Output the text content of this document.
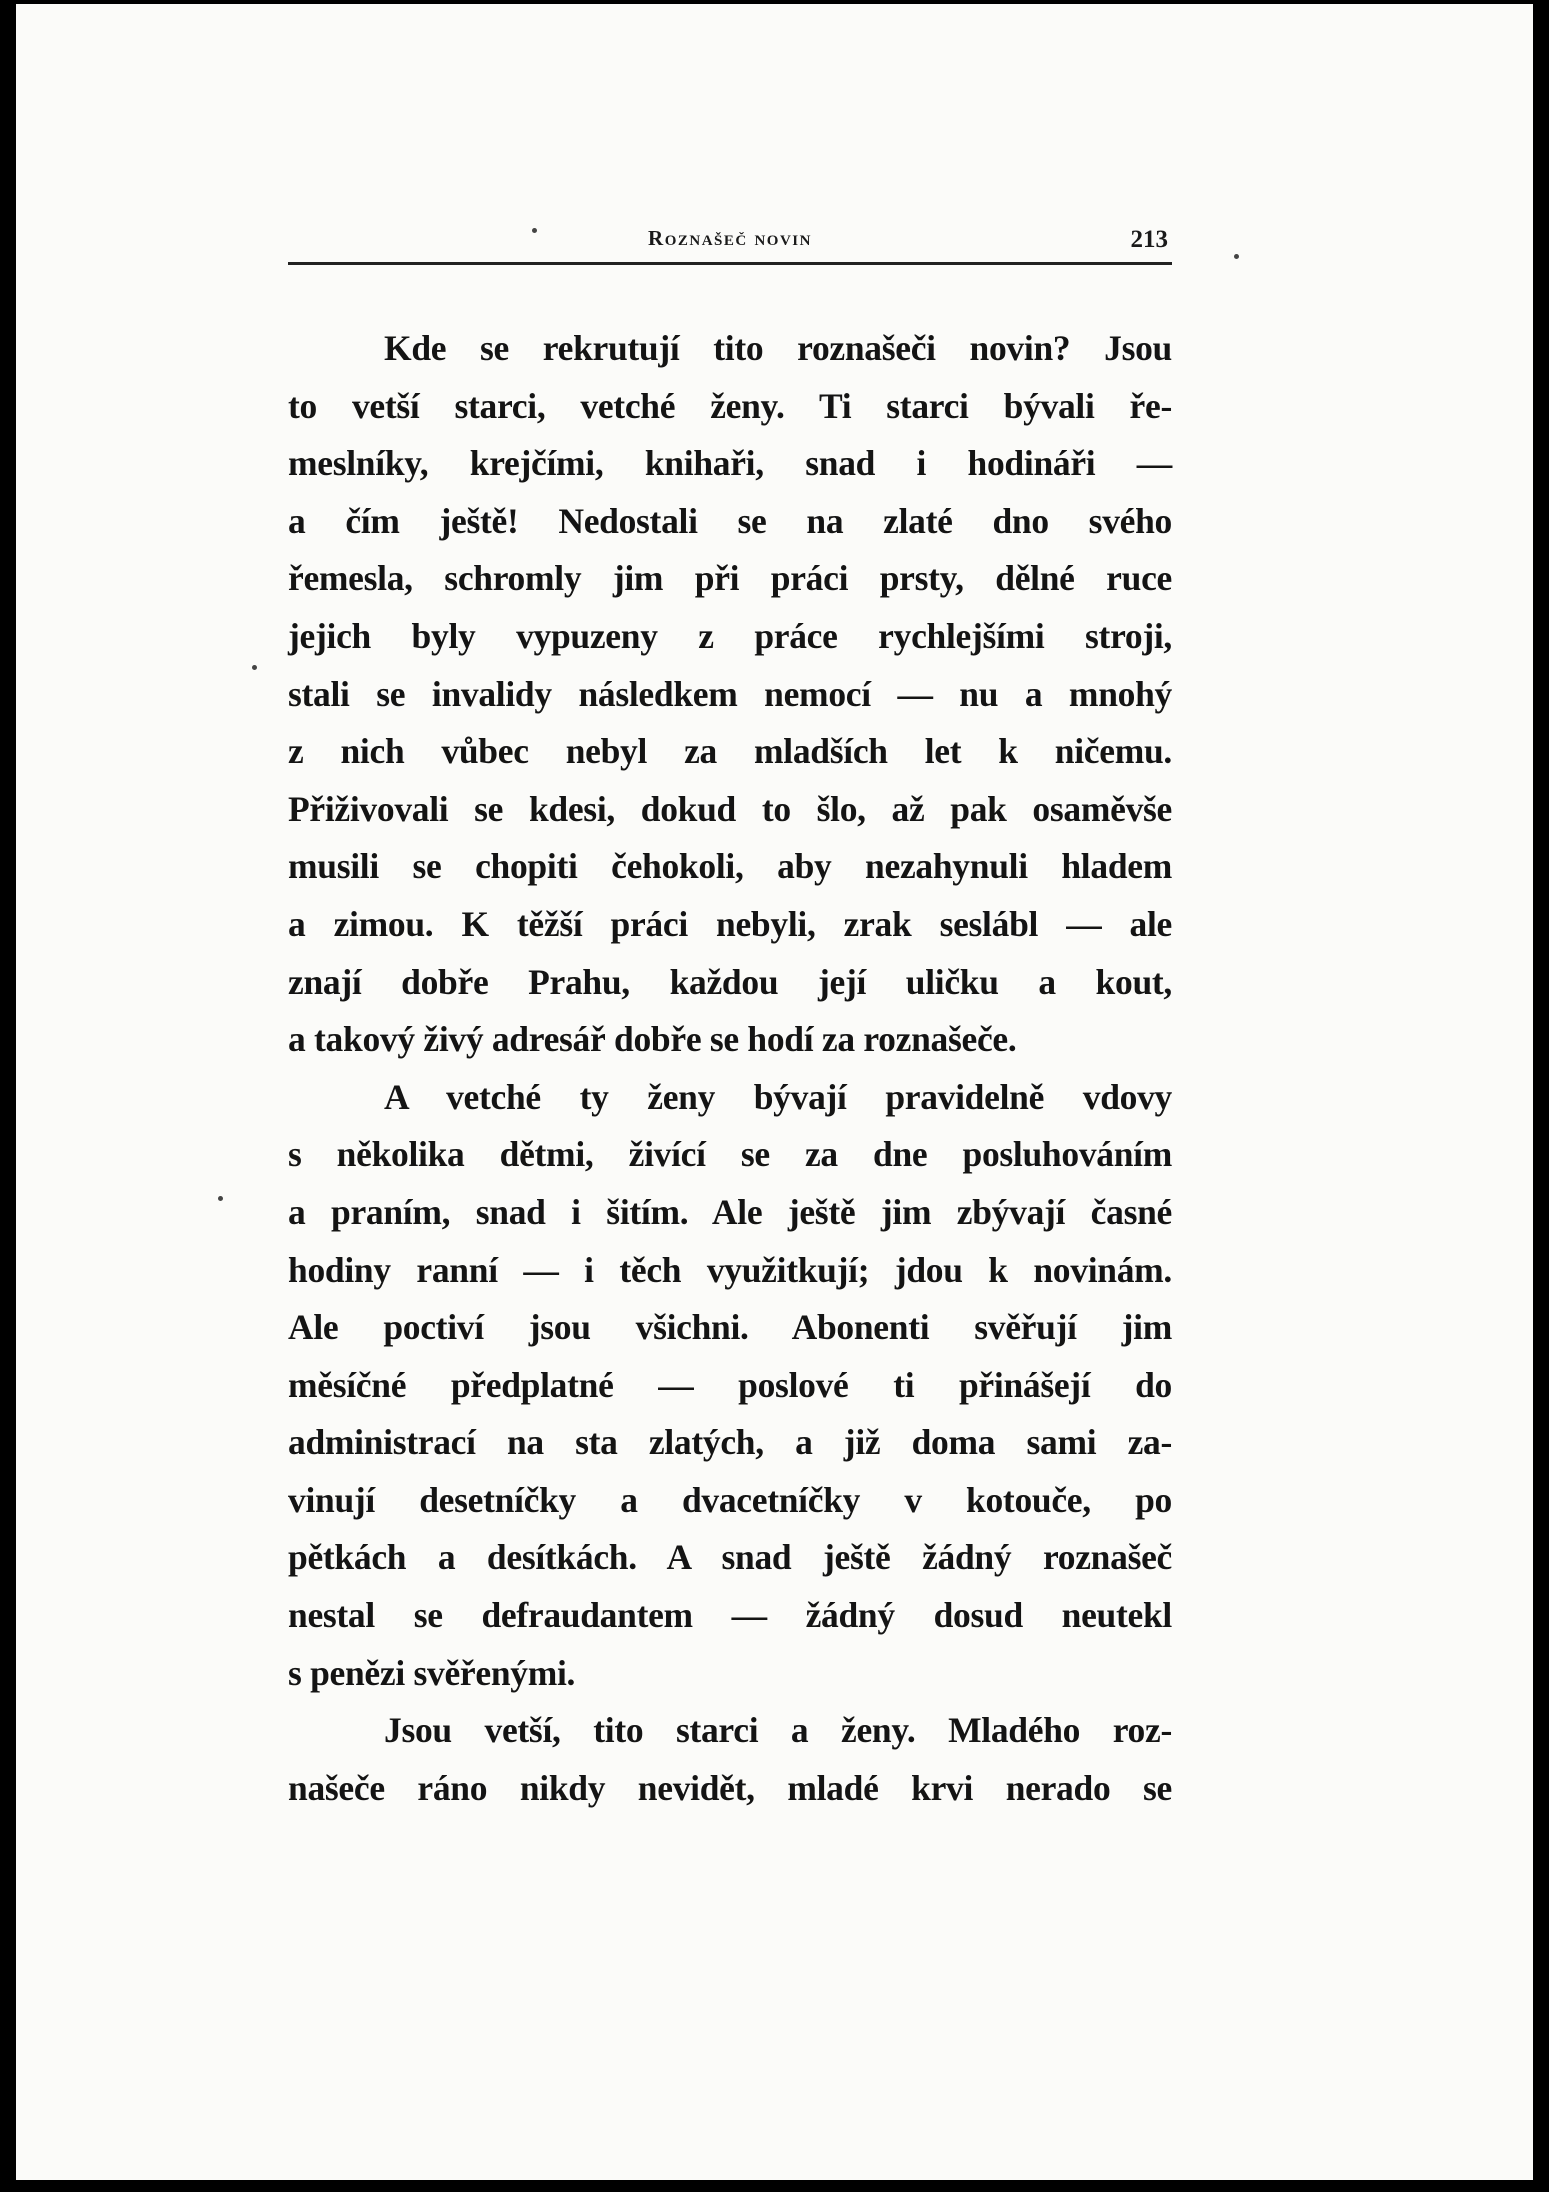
Roznašeč novin	213

Kde se rekrutují tito roznašeči novin? Jsou
to vetší starci, vetché ženy. Ti starci bývali ře-
meslníky, krejčími, knihaři, snad i hodináři —
a čím ještě! Nedostali se na zlaté dno svého
řemesla, schromly jim při práci prsty, dělné ruce
jejich byly vypuzeny z práce rychlejšími stroji,
stali se invalidy následkem nemocí — nu a mnohý
z nich vůbec nebyl za mladších let k ničemu.
Přiživovali se kdesi, dokud to šlo, až pak osaměvše
musili se chopiti čehokoli, aby nezahynuli hladem
a zimou. K těžší práci nebyli, zrak seslábl — ale
znají dobře Prahu, každou její uličku a kout,
a takový živý adresář dobře se hodí za roznašeče.

A vetché ty ženy bývají pravidelně vdovy
s několika dětmi, živící se za dne posluhováním
a praním, snad i šitím. Ale ještě jim zbývají časné
hodiny ranní — i těch využitkují; jdou k novinám.
Ale poctiví jsou všichni. Abonenti svěřují jim
měsíčné předplatné — poslové ti přinášejí do
administrací na sta zlatých, a již doma sami za-
vinují desetníčky a dvacetníčky v kotouče, po
pětkách a desítkách. A snad ještě žádný roznašeč
nestal se defraudantem — žádný dosud neutekl
s penězi svěřenými.

Jsou vetší, tito starci a ženy. Mladého roz-
našeče ráno nikdy nevidět, mladé krvi nerado se
